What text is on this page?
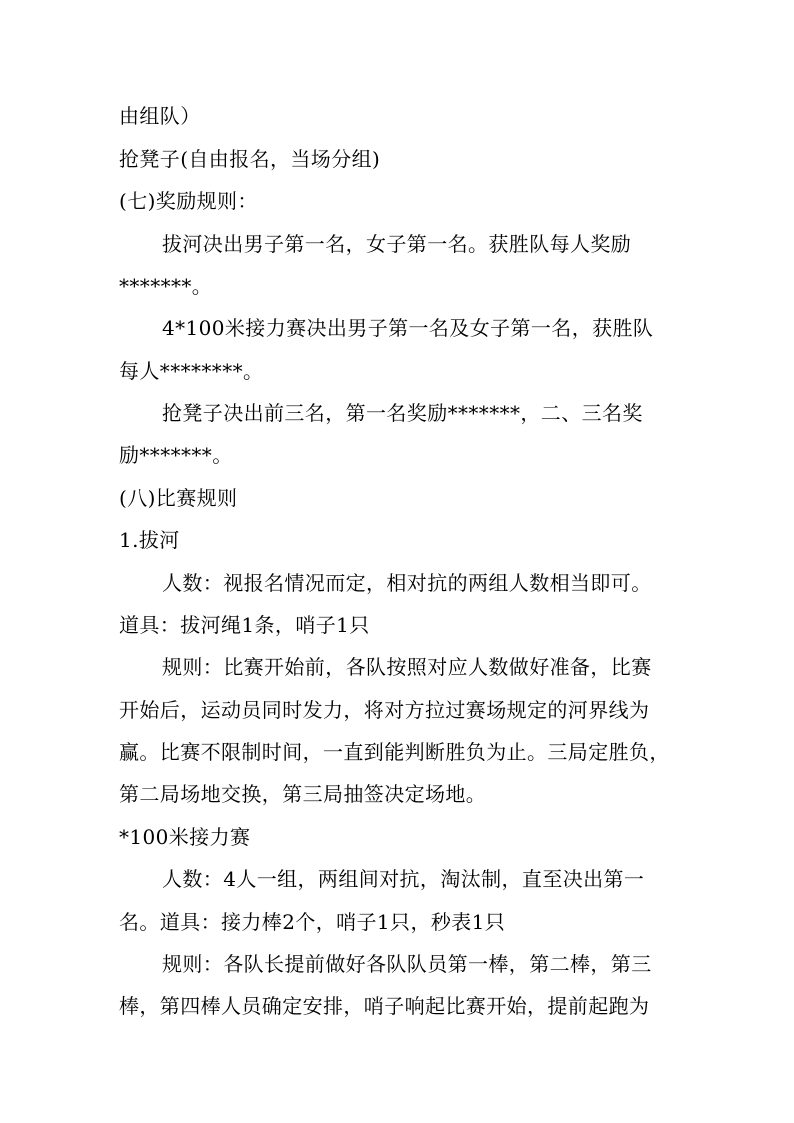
由组队）
抢凳子(自由报名，当场分组)
(七)奖励规则：
拔河决出男子第一名，女子第一名。获胜队每人奖励
*******。
4*100米接力赛决出男子第一名及女子第一名，获胜队
每人********。
抢凳子决出前三名，第一名奖励*******，二、三名奖
励*******。
(八)比赛规则
1.拔河
人数：视报名情况而定，相对抗的两组人数相当即可。
道具：拔河绳1条，哨子1只
规则：比赛开始前，各队按照对应人数做好准备，比赛
开始后，运动员同时发力，将对方拉过赛场规定的河界线为
赢。比赛不限制时间，一直到能判断胜负为止。三局定胜负，
第二局场地交换，第三局抽签决定场地。
*100米接力赛
人数：4人一组，两组间对抗，淘汰制，直至决出第一
名。道具：接力棒2个，哨子1只，秒表1只
规则：各队长提前做好各队队员第一棒，第二棒，第三
棒，第四棒人员确定安排，哨子响起比赛开始，提前起跑为
